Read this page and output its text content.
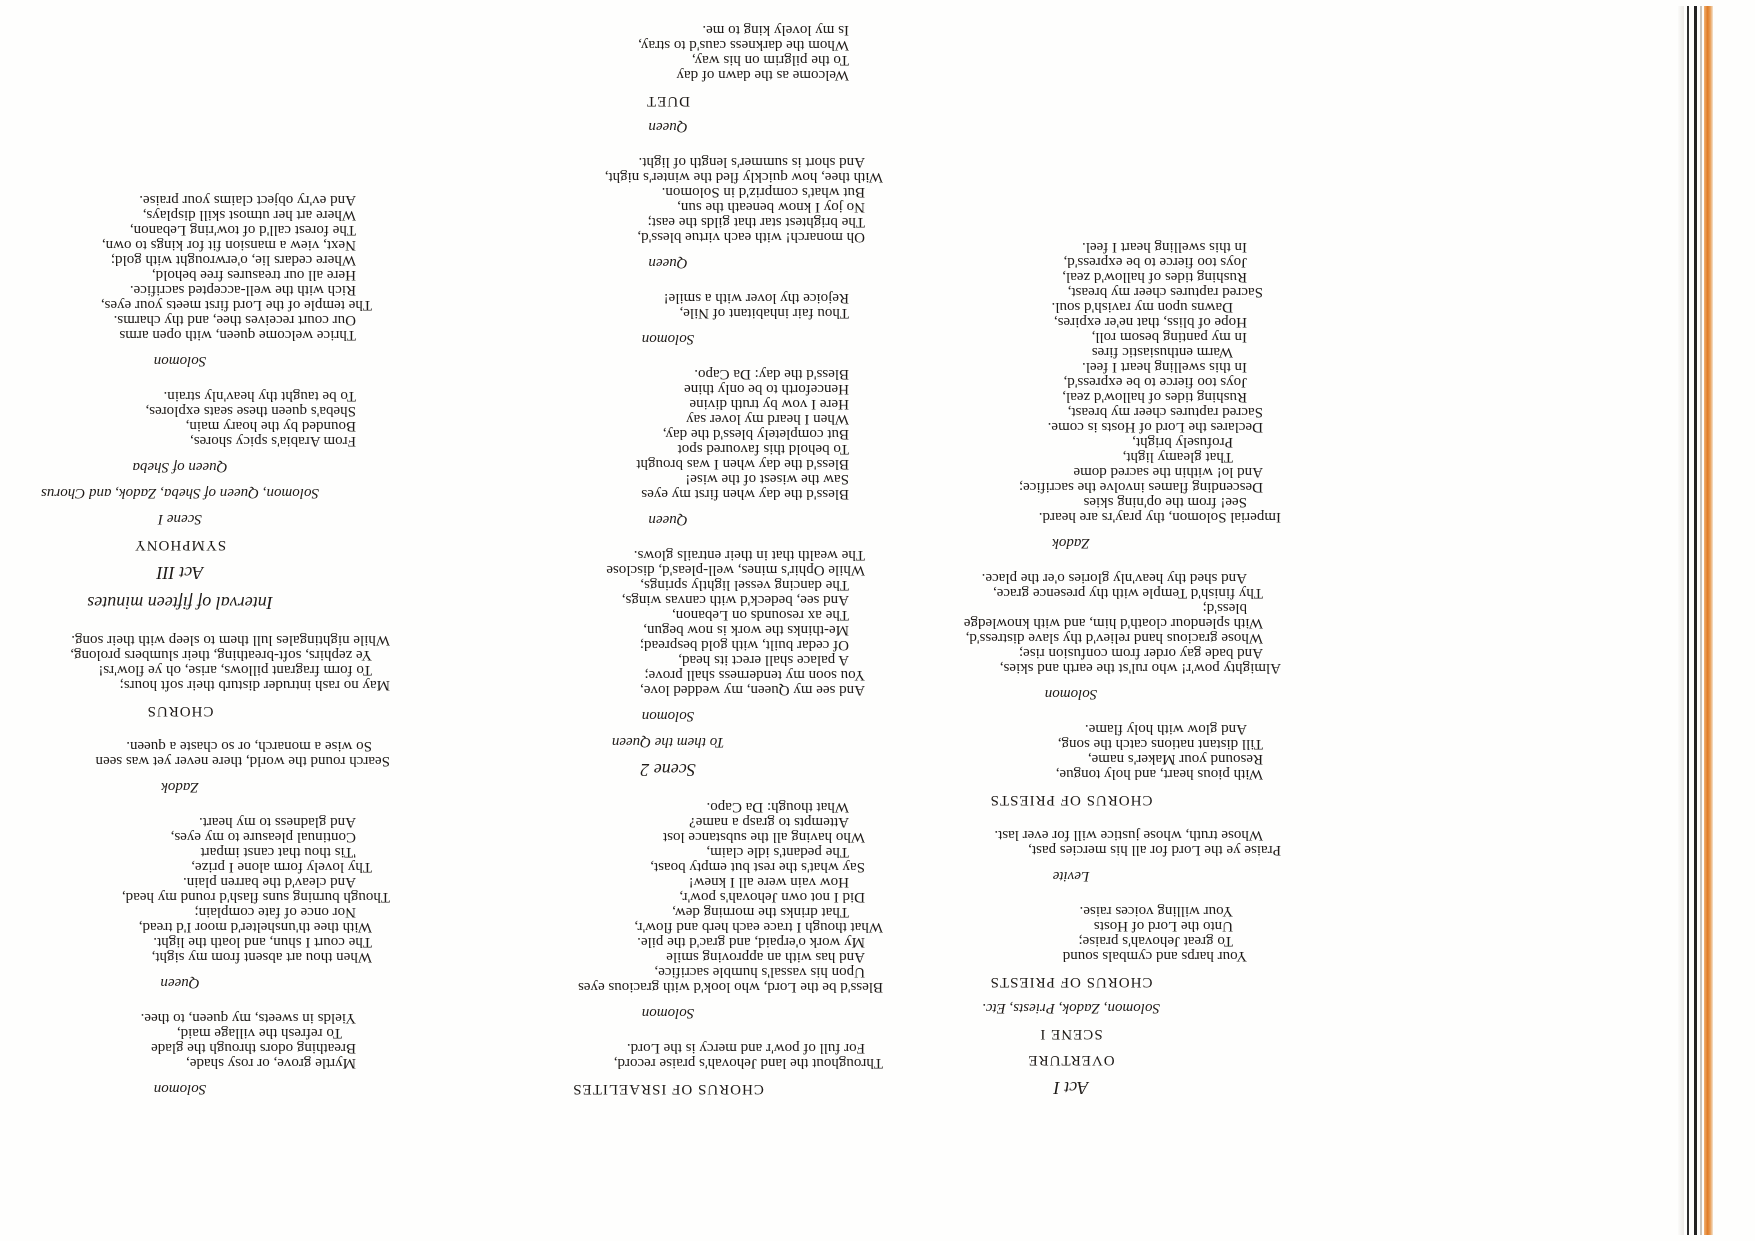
Act I
OVERTURE
SCENE I
Solomon, Zadok, Priests, Etc.
CHORUS OF PRIESTS
Your harps and cymbals sound
To great Jehovah's praise;
Unto the Lord of Hosts
Your willing voices raise.
Levite
Praise ye the Lord for all his mercies past,
Whose truth, whose justice will for ever last.
CHORUS OF PRIESTS
With pious heart, and holy tongue,
Resound your Maker's name,
Till distant nations catch the song,
And glow with holy flame.
Solomon
Almighty pow'r! who rul'st the earth and skies,
And bade gay order from confusion rise;
Whose gracious hand reliev'd thy slave distress'd,
With splendour cloath'd him, and with knowledge
bless'd;
Thy finish'd Temple with thy presence grace,
And shed thy heav'nly glories o'er the place.
Zadok
Imperial Solomon, thy pray'rs are heard.
See! from the op'ning skies
Descending flames involve the sacrifice;
And lo! within the sacred dome
That gleamy light,
Profusely bright,
Declares the Lord of Hosts is come.
Sacred raptures cheer my breast,
Rushing tides of hallow'd zeal,
Joys too fierce to be express'd,
In this swelling heart I feel.
Warm enthusiastic fires
In my panting besom roll,
Hope of bliss, that ne'er expires,
Dawns upon my ravish'd soul.
Sacred raptures cheer my breast,
Rushing tides of hallow'd zeal,
Joys too fierce to be express'd,
In this swelling heart I feel.
CHORUS OF ISRAELITES
Throughout the land Jehovah's praise record,
For full of pow'r and mercy is the Lord.
Solomon
Bless'd be the Lord, who look'd with gracious eyes
Upon his vassal's humble sacrifice,
And has with an approving smile
My work o'erpaid, and grac'd the pile.
What though I trace each herb and flow'r,
That drinks the morning dew,
Did I not own Jehovah's pow'r,
How vain were all I knew!
Say what's the rest but empty boast,
The pedant's idle claim,
Who having all the substance lost
Attempts to grasp a name?
What though: Da Capo.
Scene 2
To them the Queen
Solomon
And see my Queen, my wedded love,
You soon my tenderness shall prove;
A palace shall erect its head,
Of cedar built, with gold bespread;
Me-thinks the work is now begun,
The ax resounds on Lebanon,
And see, bedeck'd with canvas wings,
The dancing vessel lightly springs,
While Ophir's mines, well-pleas'd, disclose
The wealth that in their entrails glows.
Queen
Bless'd the day when first my eyes
Saw the wisest of the wise!
Bless'd the day when I was brought
To behold this favoured spot
But completely bless'd the day,
When I heard my lover say
Here I vow by truth divine
Henceforth to be only thine
Bless'd the day: Da Capo.
Solomon
Thou fair inhabitant of Nile,
Rejoice thy lover with a smile!
Queen
Oh monarch! with each virtue bless'd,
The brightest star that gilds the east;
No joy I know beneath the sun,
But what's compriz'd in Solomon.
With thee, how quickly fled the winter's night,
And short is summer's length of light.
Queen
DUET
Welcome as the dawn of day
To the pilgrim on his way,
Whom the darkness caus'd to stray,
Is my lovely king to me.
Solomon
Myrtle grove, or rosy shade,
Breathing odors through the glade
To refresh the village maid,
Yields in sweets, my queen, to thee.
Queen
When thou art absent from my sight,
The court I shun, and loath the light.
With thee th'unshelter'd moor I'd tread,
Nor once of fate complain;
Though burning suns flash'd round my head,
And cleav'd the barren plain.
Thy lovely form alone I prize,
'Tis thou that canst impart
Continual pleasure to my eyes,
And gladness to my heart.
Zadok
Search round the world, there never yet was seen
So wise a monarch, or so chaste a queen.
CHORUS
May no rash intruder disturb their soft hours;
To form fragrant pillows, arise, oh ye flow'rs!
Ye zephirs, soft-breathing, their slumbers prolong,
While nightingales lull them to sleep with their song.
Interval of fifteen minutes
Act III
SYMPHONY
Scene I
Solomon, Queen of Sheba, Zadok, and Chorus
Queen of Sheba
From Arabia's spicy shores,
Bounded by the hoary main,
Sheba's queen these seats explores,
To be taught thy heav'nly strain.
Solomon
Thrice welcome queen, with open arms
Our court receives thee, and thy charms.
The temple of the Lord first meets your eyes,
Rich with the well-accepted sacrifice.
Here all our treasures free behold,
Where cedars lie, o'erwrought with gold;
Next, view a mansion fit for kings to own,
The forest call'd of tow'ring Lebanon,
Where art her utmost skill displays,
And ev'ry object claims your praise.
